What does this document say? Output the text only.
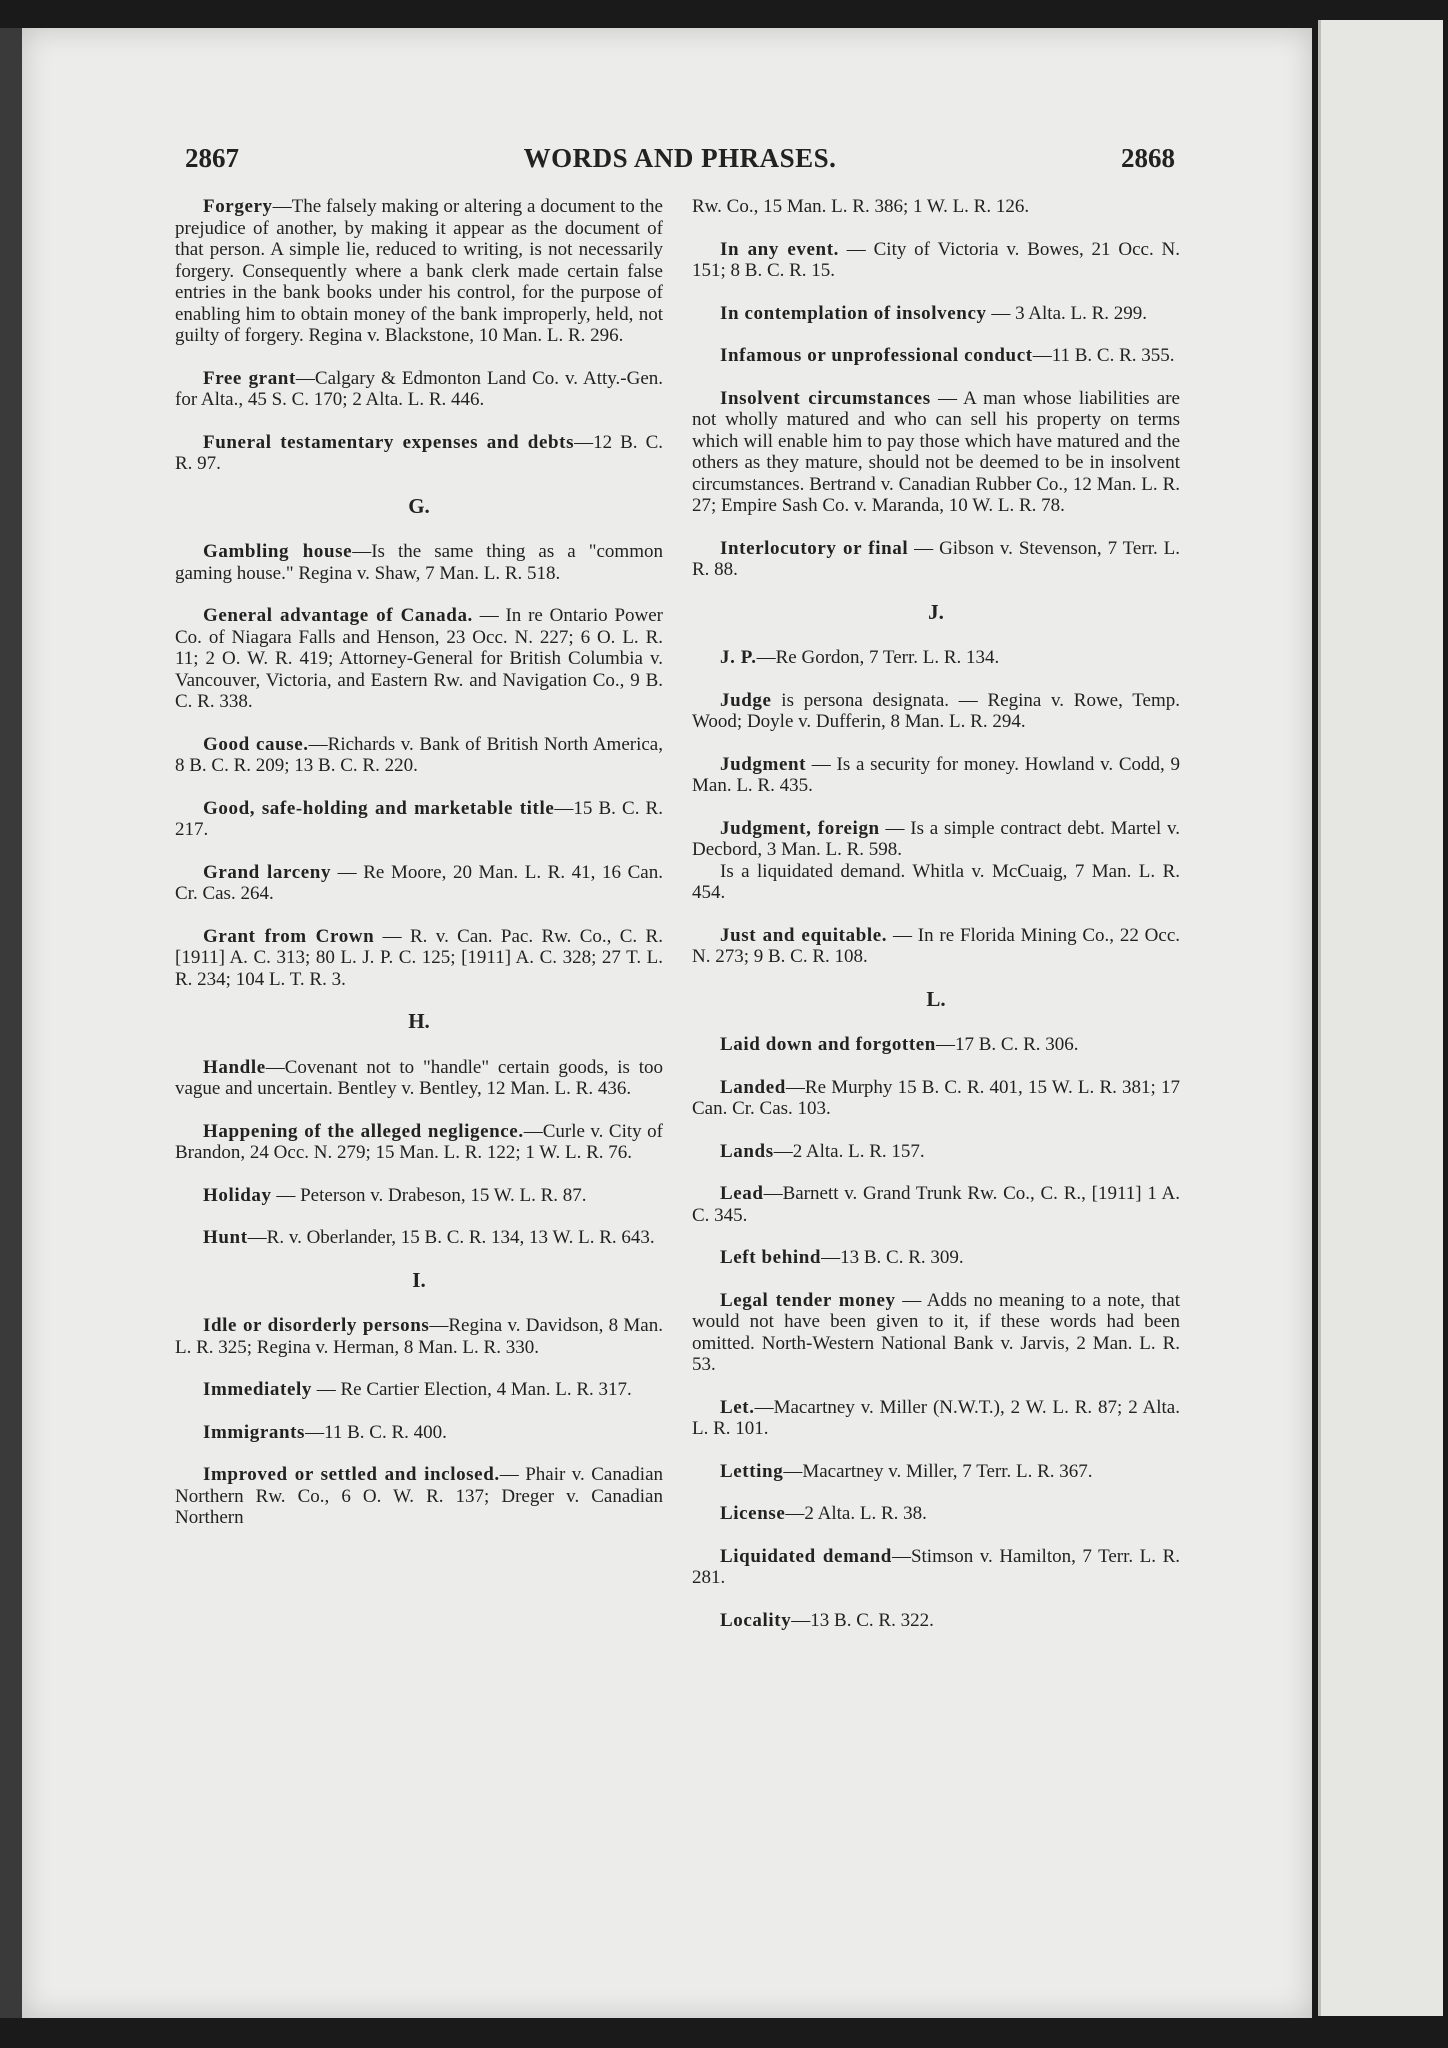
2867	WORDS AND PHRASES.	2868
Forgery—The falsely making or altering a document to the prejudice of another, by making it appear as the document of that person. A simple lie, reduced to writing, is not necessarily forgery. Consequently where a bank clerk made certain false entries in the bank books under his control, for the purpose of enabling him to obtain money of the bank improperly, held, not guilty of forgery. Regina v. Blackstone, 10 Man. L. R. 296.
Free grant—Calgary & Edmonton Land Co. v. Atty.-Gen. for Alta., 45 S. C. 170; 2 Alta. L. R. 446.
Funeral testamentary expenses and debts—12 B. C. R. 97.
G.
Gambling house—Is the same thing as a "common gaming house." Regina v. Shaw, 7 Man. L. R. 518.
General advantage of Canada. — In re Ontario Power Co. of Niagara Falls and Henson, 23 Occ. N. 227; 6 O. L. R. 11; 2 O. W. R. 419; Attorney-General for British Columbia v. Vancouver, Victoria, and Eastern Rw. and Navigation Co., 9 B. C. R. 338.
Good cause.—Richards v. Bank of British North America, 8 B. C. R. 209; 13 B. C. R. 220.
Good, safe-holding and marketable title—15 B. C. R. 217.
Grand larceny — Re Moore, 20 Man. L. R. 41, 16 Can. Cr. Cas. 264.
Grant from Crown — R. v. Can. Pac. Rw. Co., C. R. [1911] A. C. 313; 80 L. J. P. C. 125; [1911] A. C. 328; 27 T. L. R. 234; 104 L. T. R. 3.
H.
Handle—Covenant not to "handle" certain goods, is too vague and uncertain. Bentley v. Bentley, 12 Man. L. R. 436.
Happening of the alleged negligence.—Curle v. City of Brandon, 24 Occ. N. 279; 15 Man. L. R. 122; 1 W. L. R. 76.
Holiday — Peterson v. Drabeson, 15 W. L. R. 87.
Hunt—R. v. Oberlander, 15 B. C. R. 134, 13 W. L. R. 643.
I.
Idle or disorderly persons—Regina v. Davidson, 8 Man. L. R. 325; Regina v. Herman, 8 Man. L. R. 330.
Immediately — Re Cartier Election, 4 Man. L. R. 317.
Immigrants—11 B. C. R. 400.
Improved or settled and inclosed.— Phair v. Canadian Northern Rw. Co., 6 O. W. R. 137; Dreger v. Canadian Northern
Rw. Co., 15 Man. L. R. 386; 1 W. L. R. 126.
In any event. — City of Victoria v. Bowes, 21 Occ. N. 151; 8 B. C. R. 15.
In contemplation of insolvency — 3 Alta. L. R. 299.
Infamous or unprofessional conduct—11 B. C. R. 355.
Insolvent circumstances — A man whose liabilities are not wholly matured and who can sell his property on terms which will enable him to pay those which have matured and the others as they mature, should not be deemed to be in insolvent circumstances. Bertrand v. Canadian Rubber Co., 12 Man. L. R. 27; Empire Sash Co. v. Maranda, 10 W. L. R. 78.
Interlocutory or final — Gibson v. Stevenson, 7 Terr. L. R. 88.
J.
J. P.—Re Gordon, 7 Terr. L. R. 134.
Judge is persona designata. — Regina v. Rowe, Temp. Wood; Doyle v. Dufferin, 8 Man. L. R. 294.
Judgment — Is a security for money. Howland v. Codd, 9 Man. L. R. 435.
Judgment, foreign — Is a simple contract debt. Martel v. Decbord, 3 Man. L. R. 598.
Is a liquidated demand. Whitla v. McCuaig, 7 Man. L. R. 454.
Just and equitable. — In re Florida Mining Co., 22 Occ. N. 273; 9 B. C. R. 108.
L.
Laid down and forgotten—17 B. C. R. 306.
Landed—Re Murphy 15 B. C. R. 401, 15 W. L. R. 381; 17 Can. Cr. Cas. 103.
Lands—2 Alta. L. R. 157.
Lead—Barnett v. Grand Trunk Rw. Co., C. R., [1911] 1 A. C. 345.
Left behind—13 B. C. R. 309.
Legal tender money — Adds no meaning to a note, that would not have been given to it, if these words had been omitted. North-Western National Bank v. Jarvis, 2 Man. L. R. 53.
Let.—Macartney v. Miller (N.W.T.), 2 W. L. R. 87; 2 Alta. L. R. 101.
Letting—Macartney v. Miller, 7 Terr. L. R. 367.
License—2 Alta. L. R. 38.
Liquidated demand—Stimson v. Hamilton, 7 Terr. L. R. 281.
Locality—13 B. C. R. 322.
